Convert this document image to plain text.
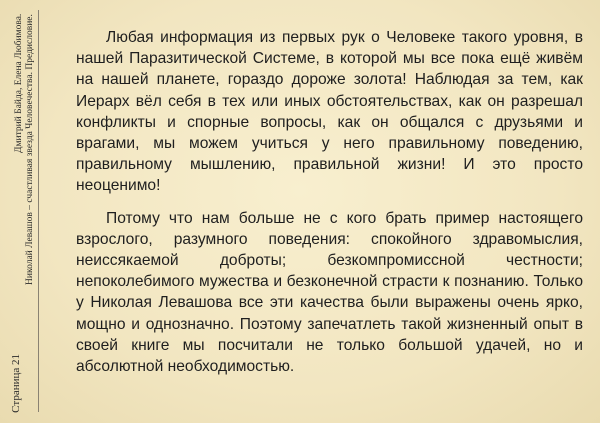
Дмитрий Байда, Елена Любимова. Николай Левашов – счастливая звезда Человечества. Предисловие.
Страница 21

Любая информация из первых рук о Человеке такого уровня, в нашей Паразитической Системе, в которой мы все пока ещё живём на нашей планете, гораздо дороже золота! Наблюдая за тем, как Иерарх вёл себя в тех или иных обстоятельствах, как он разрешал конфликты и спорные вопросы, как он общался с друзьями и врагами, мы можем учиться у него правильному поведению, правильному мышлению, правильной жизни! И это просто неоценимо!

Потому что нам больше не с кого брать пример настоящего взрослого, разумного поведения: спокойного здравомыслия, неиссякаемой доброты; безкомпромиссной честности; непоколебимого мужества и безконечной страсти к познанию. Только у Николая Левашова все эти качества были выражены очень ярко, мощно и однозначно. Поэтому запечатлеть такой жизненный опыт в своей книге мы посчитали не только большой удачей, но и абсолютной необходимостью.
